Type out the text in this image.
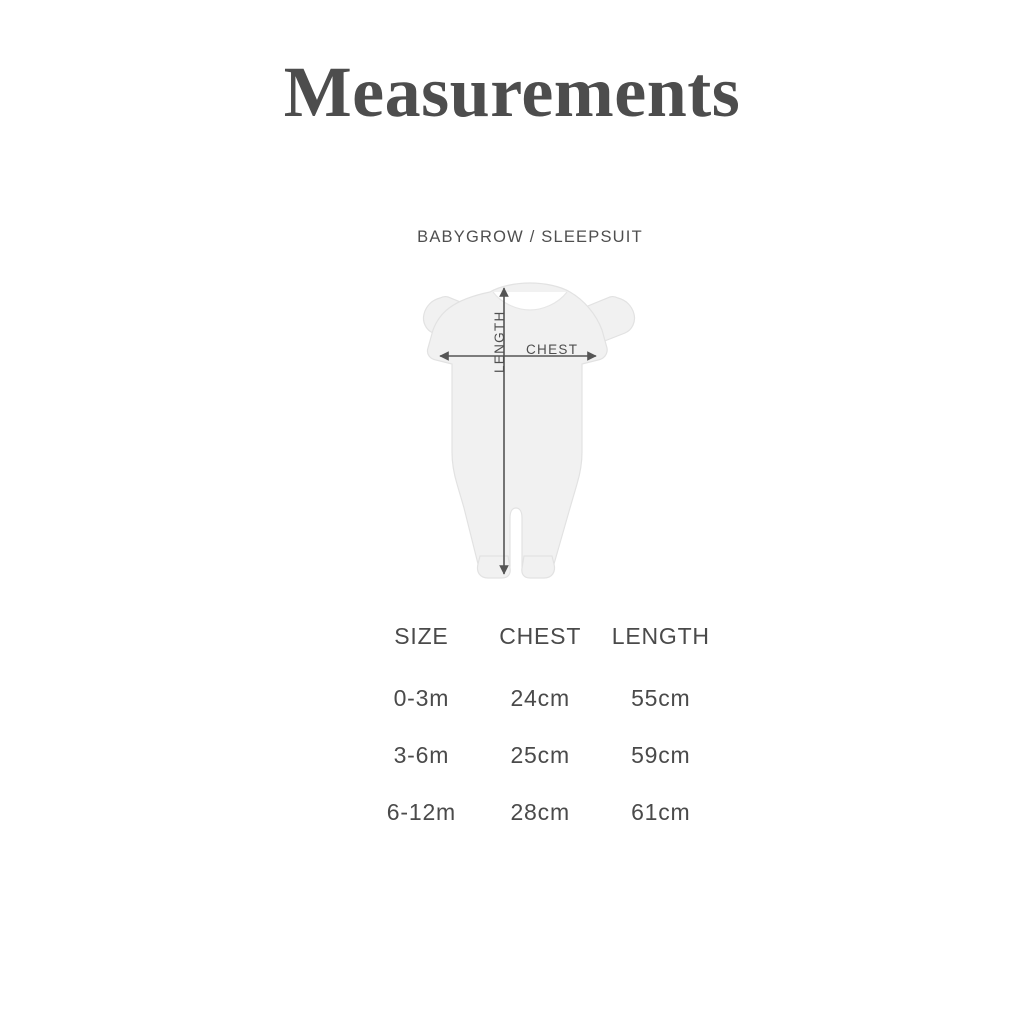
Measurements
BABYGROW / SLEEPSUIT
CHEST
LENGTH
SIZE	CHEST	LENGTH
0-3m	24cm	55cm
3-6m	25cm	59cm
6-12m	28cm	61cm
